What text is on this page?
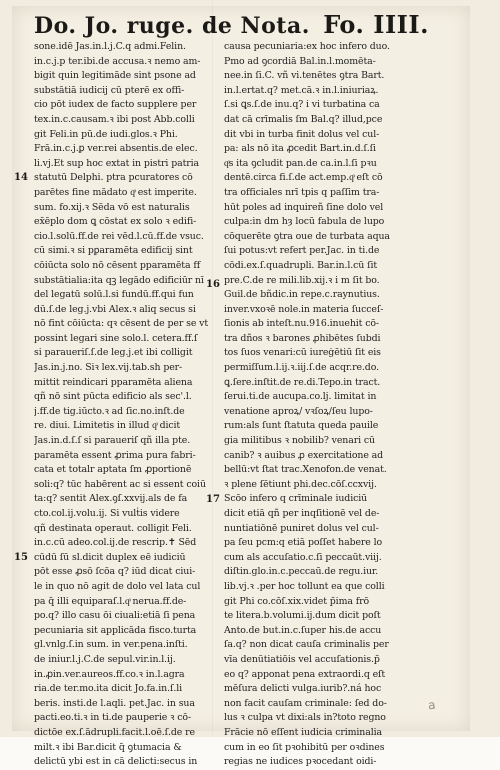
Do. Jo. ruge. de Nota. Fo. IIII.
sone.idē Jas.in.l.j.C.q admi.Felin.
in.c.j.p ter.ibi.de accusa.ꝛ nemo am-
bigit quin legitimāde sint psone ad
substātiā iudicij cū pterē ex offi-
cio pōt iudex de facto supplere per
tex.in.c.causam.ꝛ ibi post Abb.colli
git Feli.in pū.de iudi.glos.ꝛ Phi.
Frā.in.c.j.ꝑ ver.rei absentis.de elec.
li.vj.Et sup hoc extat in pistri patria
statutū Delphi. ptra pcuratores cō
parētes fine mādato qͦ est imperite.
sum. fo.xij.ꝛ Sēda vō est naturalis
ex̄ēplo dom ꝗ cōstat ex solo ꝛ edifi-
cio.l.solū.ff.de rei vēd.l.cū.ff.de vsuc.
cū simi.ꝛ si pꝑaramēta edificij sint
cōiūcta solo nō cēsent pparamēta ff
substātialia:ita qꝫ legādo edificiūr nī
del legatū solū.l.si fundū.ff.qui fun
dū.ſ.de leg.j.vbi Alex.ꝛ aliq secus si
nō fint cōiūcta: qꝛ cēsent de per se vt
possint legari sine solo.l. cetera.ff.ſ
si paraueriſ.ſ.de leg.j.et ibi colligit
Jas.in.j.no. Siꝛ lex.vij.tab.sh per-
mittit reindicari pparamēta aliena
qñ nō sint pūcta edificio als sec'.l.
j.ff.de tig.iūcto.ꝛ ad ſic.no.inſt.de
re. diui. Limitetis in illud qͦ dicit
Jas.in.d.ſ.ſ si paraueriſ qñ illa pte.
paramēta essent ꝓrima pura fabri-
cata et totalr aptata ſm ꝓportionē
soli:q? tūc habērent ac si essent coiū
ta:q? sentit Alex.ꝯſ.xxvij.als de fa
cto.col.ij.volu.ij. Si vulṫis videre
qñ destinata operaut. colligit Feli.
in.c.cū adeo.col.ij.de rescrip.✝ Sēd
cūdū ſū sl.dicit duplex eē iudiciū
pōt esse ꝓsō ſcōa q? iūd dicat ciui-
le in quo nō agit de dolo vel lata cul
pa q̄ illi equiparaſ.l.qͦ nerua.ff.de-
po.q? illo casu ōi ciuali:etiā ſi pena
pecuniaria sit applicāda fisco.turta
gl.vnlg.ſ.in sum. in ver.pena.inſti.
de iniur.l.j.C.de sepul.vir.in.l.ij.
in.ꝓin.ver.aureos.ff.co.ꝛ in.l.agra
ria.de ter.mo.ita dicit Jo.fa.in.ſ.li
beris. insti.de l.aqli. pet.Jac. in sua
pacti.eo.ti.ꝛ in ti.de pauperie ꝛ cō-
dictōe ex.ſ.ādrupli.facit.l.oē.ſ.de re
milt.ꝛ ibi Bar.dicit q̄ ꝯtumacia &
delictū ybi est in cā delicti:secus in
causa pecuniaria:ex hoc infero duo.
Pmo ad ꝯcordiā Bal.in.l.momēta-
nee.in ſi.C. vñ vi.tenētes ꝯtra Bart.
in.l.ertat.q? met.cā.ꝛ in.l.iniuriaꝝ.
ſ.si ꝗs.ſ.de inu.q? i vi turbatina ca
dat cā crīmalis ſm Bal.q? illud,pce
dit vbi in turba finit dolus vel cul-
pa: als nō ita ꝓcedit Bart.in.d.ſ.ſi
qͦs ita ꝯcludit pan.de ca.in.l.ſi pꝛu
dentē.circa fi.ſ.de act.emp.qͦ eſt cō
tra officiales nrī tpis q paſſim tra-
hūt poles ad inquireñ ſine dolo vel
culpa:in dm hȝ locū fabula de lupo
cōquerēte ꝯtra oue de turbata aqua
ſui potus:vt refert per.Jac. in ti.de
cōdi.ex.ſ.quadrupli. Bar.in.l.cū ſit
pre.C.de re mili.lib.xij.ꝛ i m ſit bo.
Guil.de bñdic.in repe.c.raynutius.
inver.vxoꝛē nole.in materia ſucceſ-
ſionis ab inteſt.nu.916.inuehit cō-
tra dños ꝛ barones ꝓhibētes ſubdi
tos ſuos venari:cū iureġētiū ſit eis
permiſſum.l.ij.ꝛ.iij.ſ.de acqr.re.do.
ꝗ.ſere.inſtit.de re.di.Tepo.in tract.
ſerui.ti.de aucupa.co.lj. limitat in
venatione aproꝝ/ vꝛſoꝝ/ſeu lupo-
rum:als ſunt ſtatuta queda pauile
gia militibus ꝛ nobilib? venari cū
canib? ꝛ auibus ꝓ exercitatione ad
bellū:vt ſtat trac.Xenofon.de venat.
ꝛ plene ſētiunt phi.dec.cōſ.ccxvij.
Scōo infero q crīminale iudiciū
dicit etiā qñ per inqſitionē vel de-
nuntiatiōnē puniret dolus vel cul-
pa ſeu pcm:q etiā poſſet habere lo
cum als accuſatio.c.ſi peccaūt.viij.
diſtin.glo.in.c.peccaū.de regu.iur.
lib.vj.ꝛ .per hoc tollunt ea que colli
git Phi co.cōſ.xix.videt p̄ima frō
te litera.b.volumi.ij.dum dicit poſt
Anto.de but.in.c.ſuper his.de accu
ſa.q? non dicat cauſa criminalis per
vīa denūtiatiōis vel accuſationis.p̄
eo q? apponat pena extraordi.q eſt
mēſura delicti vulga.iurib?.ná hoc
non facit cauſam criminale: ſed do-
lus ꝛ culpa vt dixi:als in?toto regno
Frācie nō eſſent iudicia criminalia
cum in eo ſit pꝛohibitū per oꝛdines
regias ne iudices pꝛocedant oidi-
14
15
16
17
a
